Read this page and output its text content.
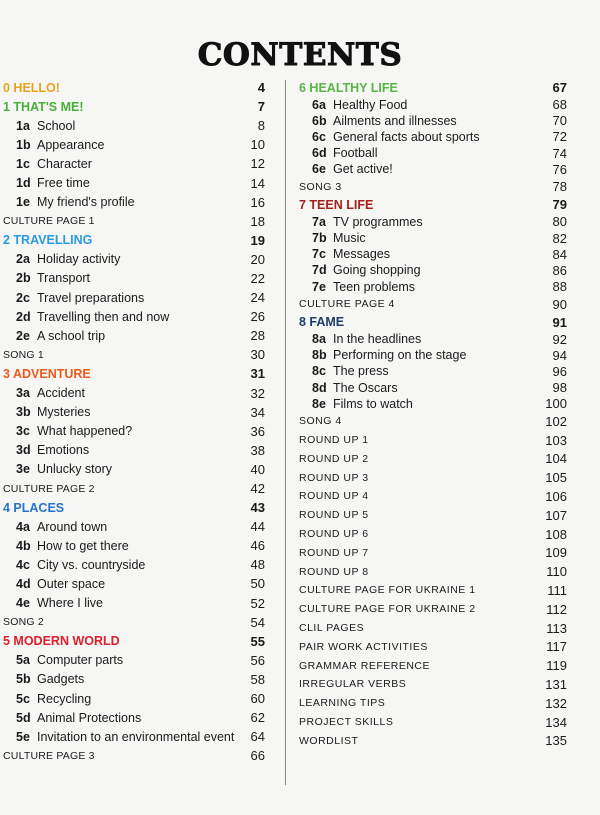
CONTENTS
0 HELLO!	4
1 THAT'S ME!	7
1a School	8
1b Appearance	10
1c Character	12
1d Free time	14
1e My friend's profile	16
CULTURE PAGE 1	18
2 TRAVELLING	19
2a Holiday activity	20
2b Transport	22
2c Travel preparations	24
2d Travelling then and now	26
2e A school trip	28
SONG 1	30
3 ADVENTURE	31
3a Accident	32
3b Mysteries	34
3c What happened?	36
3d Emotions	38
3e Unlucky story	40
CULTURE PAGE 2	42
4 PLACES	43
4a Around town	44
4b How to get there	46
4c City vs. countryside	48
4d Outer space	50
4e Where I live	52
SONG 2	54
5 MODERN WORLD	55
5a Computer parts	56
5b Gadgets	58
5c Recycling	60
5d Animal Protections	62
5e Invitation to an environmental event 64
CULTURE PAGE 3	66
6 HEALTHY LIFE	67
6a Healthy Food	68
6b Ailments and illnesses	70
6c General facts about sports	72
6d Football	74
6e Get active!	76
SONG 3	78
7 TEEN LIFE	79
7a TV programmes	80
7b Music	82
7c Messages	84
7d Going shopping	86
7e Teen problems	88
CULTURE PAGE 4	90
8 FAME	91
8a In the headlines	92
8b Performing on the stage	94
8c The press	96
8d The Oscars	98
8e Films to watch	100
SONG 4	102
ROUND UP 1	103
ROUND UP 2	104
ROUND UP 3	105
ROUND UP 4	106
ROUND UP 5	107
ROUND UP 6	108
ROUND UP 7	109
ROUND UP 8	110
CULTURE PAGE FOR UKRAINE 1	111
CULTURE PAGE FOR UKRAINE 2	112
CLIL PAGES	113
PAIR WORK ACTIVITIES	117
GRAMMAR REFERENCE	119
IRREGULAR VERBS	131
LEARNING TIPS	132
PROJECT SKILLS	134
WORDLIST	135
